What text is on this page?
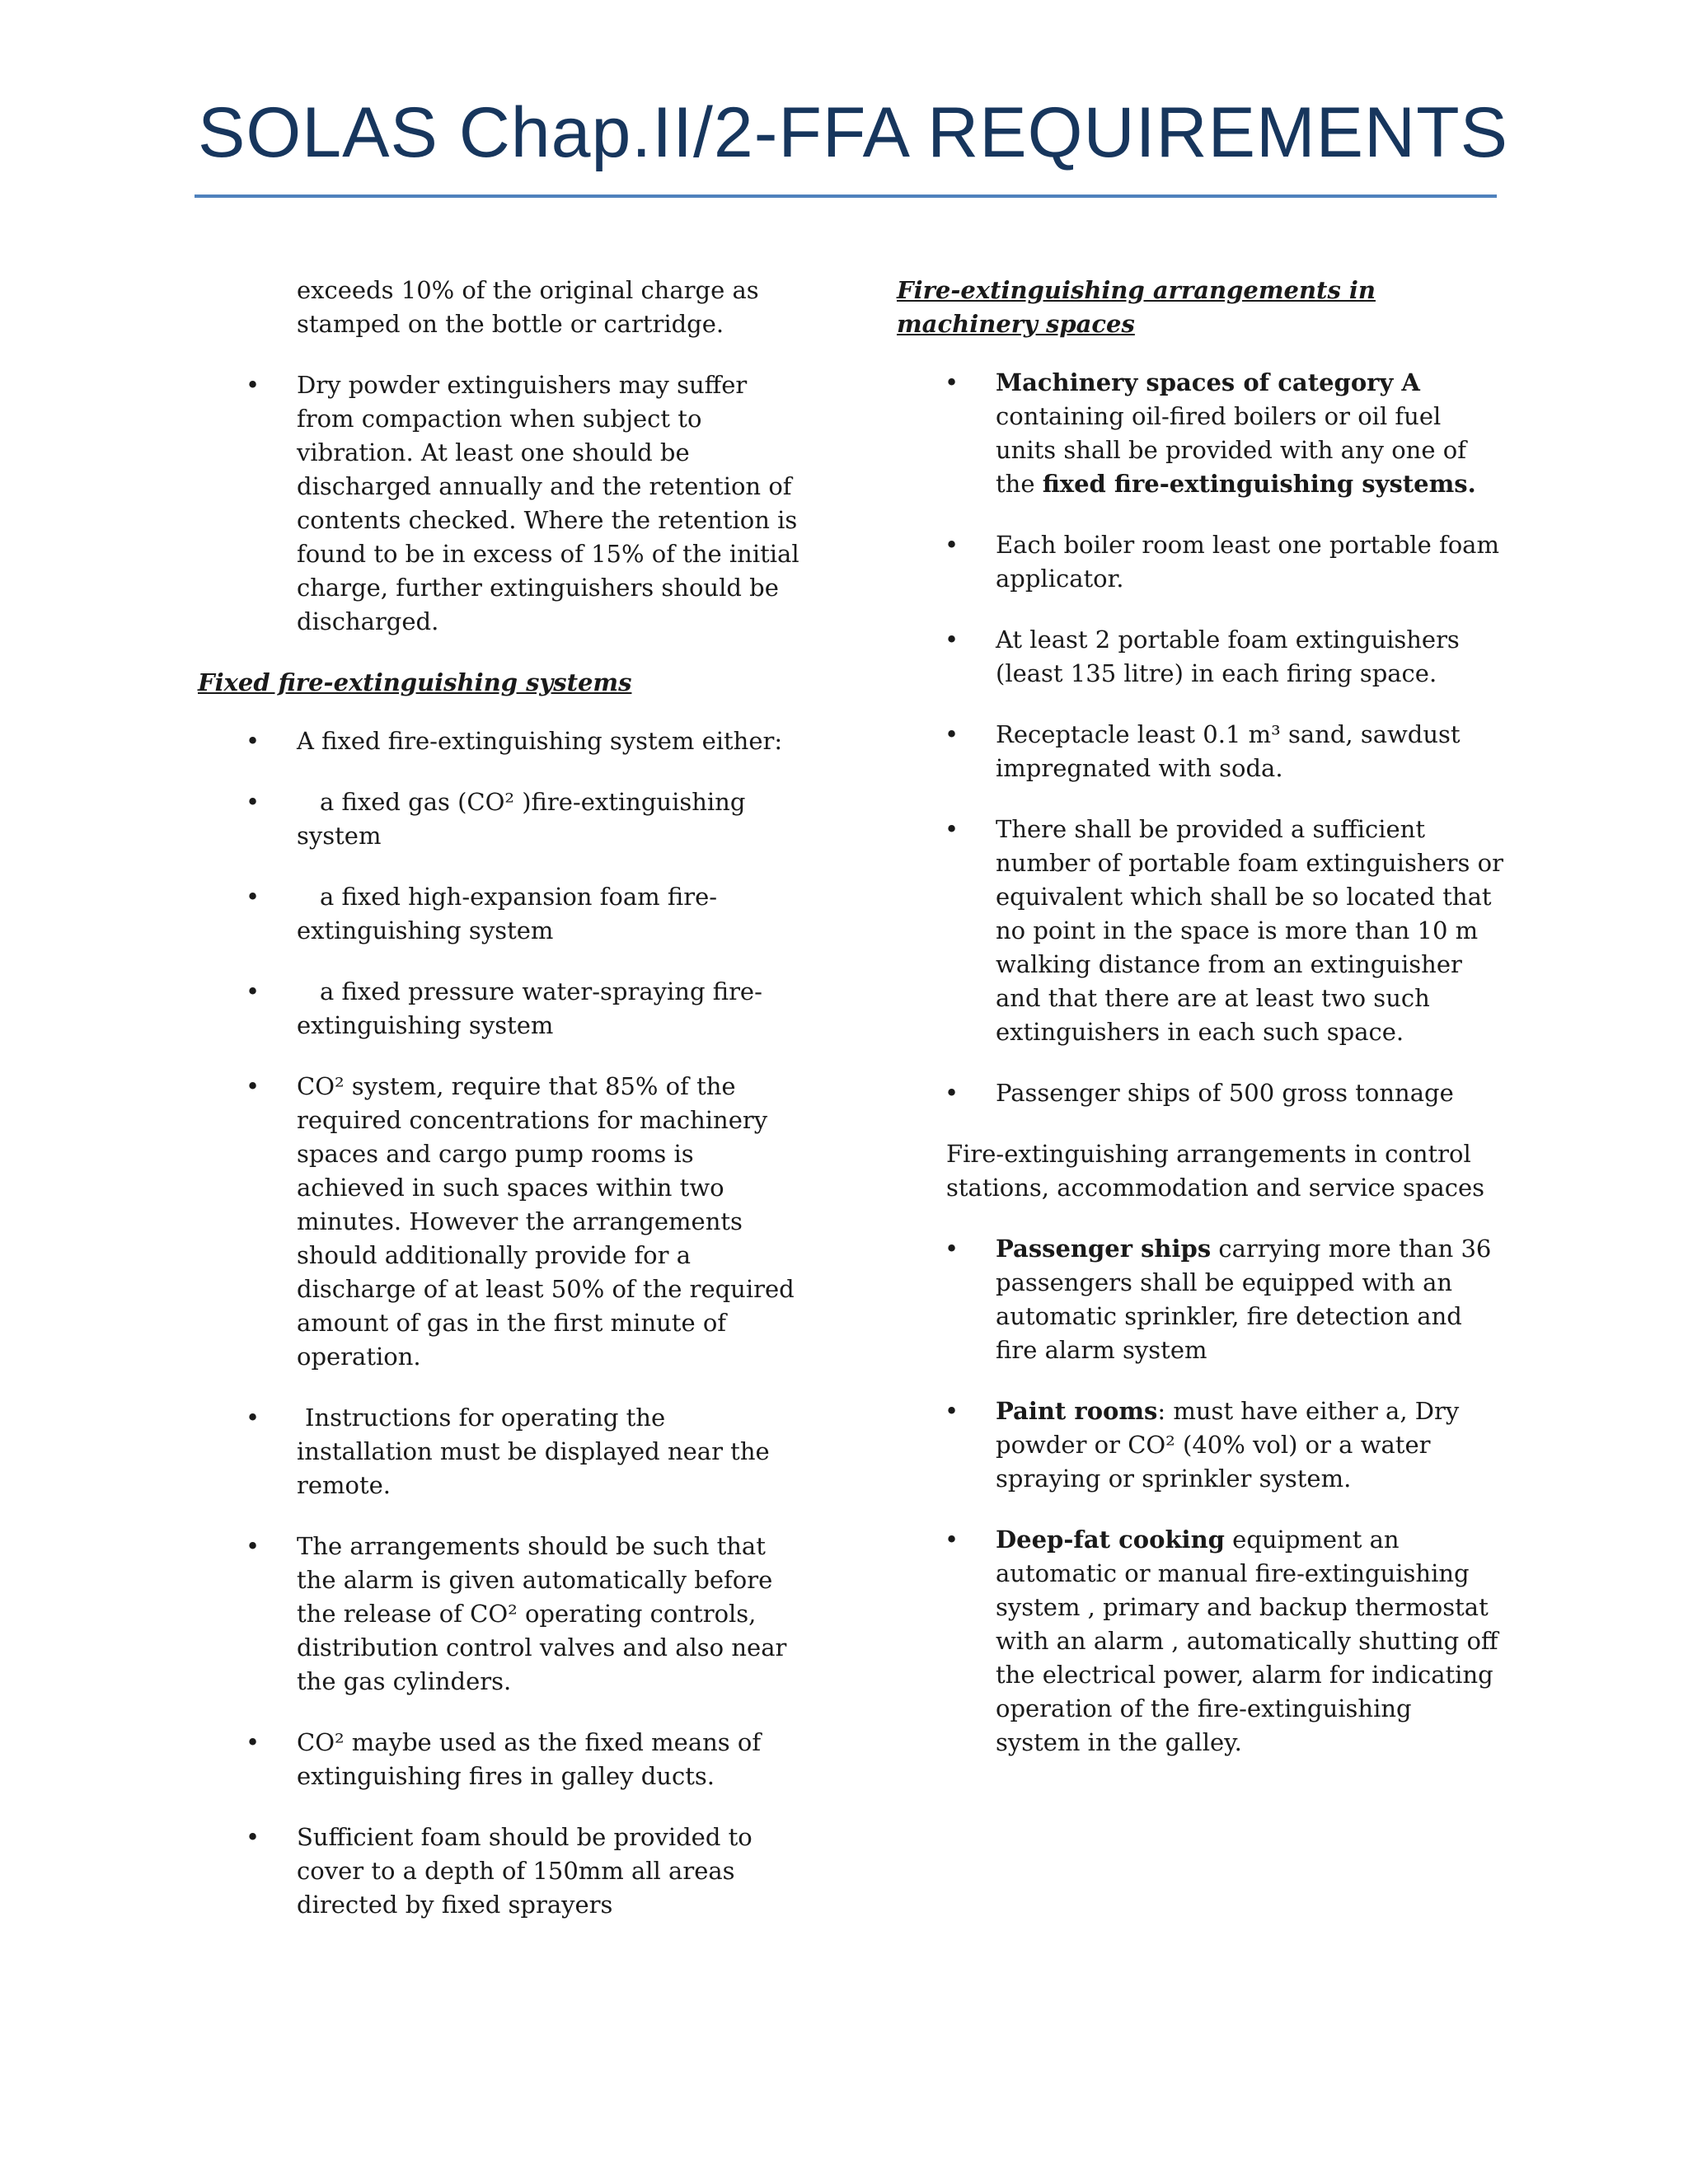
SOLAS Chap.II/2-FFA REQUIREMENTS
exceeds 10% of the original charge as stamped on the bottle or cartridge.
• Dry powder extinguishers may suffer from compaction when subject to vibration. At least one should be discharged annually and the retention of contents checked. Where the retention is found to be in excess of 15% of the initial charge, further extinguishers should be discharged.
Fixed fire-extinguishing systems
• A fixed fire-extinguishing system either:
•	a fixed gas (CO² )fire-extinguishing system
•	a fixed high-expansion foam fire-extinguishing system
•	a fixed pressure water-spraying fire-extinguishing system
• CO² system, require that 85% of the required concentrations for machinery spaces and cargo pump rooms is achieved in such spaces within two minutes. However the arrangements should additionally provide for a discharge of at least 50% of the required amount of gas in the first minute of operation.
• Instructions for operating the installation must be displayed near the remote.
• The arrangements should be such that the alarm is given automatically before the release of CO² operating controls, distribution control valves and also near the gas cylinders.
• CO² maybe used as the fixed means of extinguishing fires in galley ducts.
• Sufficient foam should be provided to cover to a depth of 150mm all areas directed by fixed sprayers
Fire-extinguishing arrangements in machinery spaces
• Machinery spaces of category A containing oil-fired boilers or oil fuel units shall be provided with any one of the fixed fire-extinguishing systems.
• Each boiler room least one portable foam applicator.
• At least 2 portable foam extinguishers (least 135 litre) in each firing space.
• Receptacle least 0.1 m³ sand, sawdust impregnated with soda.
• There shall be provided a sufficient number of portable foam extinguishers or equivalent which shall be so located that no point in the space is more than 10 m walking distance from an extinguisher and that there are at least two such extinguishers in each such space.
• Passenger ships of 500 gross tonnage

Fire-extinguishing arrangements in control stations, accommodation and service spaces

• Passenger ships carrying more than 36 passengers shall be equipped with an automatic sprinkler, fire detection and fire alarm system
• Paint rooms: must have either a, Dry powder or CO² (40% vol) or a water spraying or sprinkler system.
• Deep-fat cooking equipment an automatic or manual fire-extinguishing system , primary and backup thermostat with an alarm , automatically shutting off the electrical power, alarm for indicating operation of the fire-extinguishing system in the galley.
